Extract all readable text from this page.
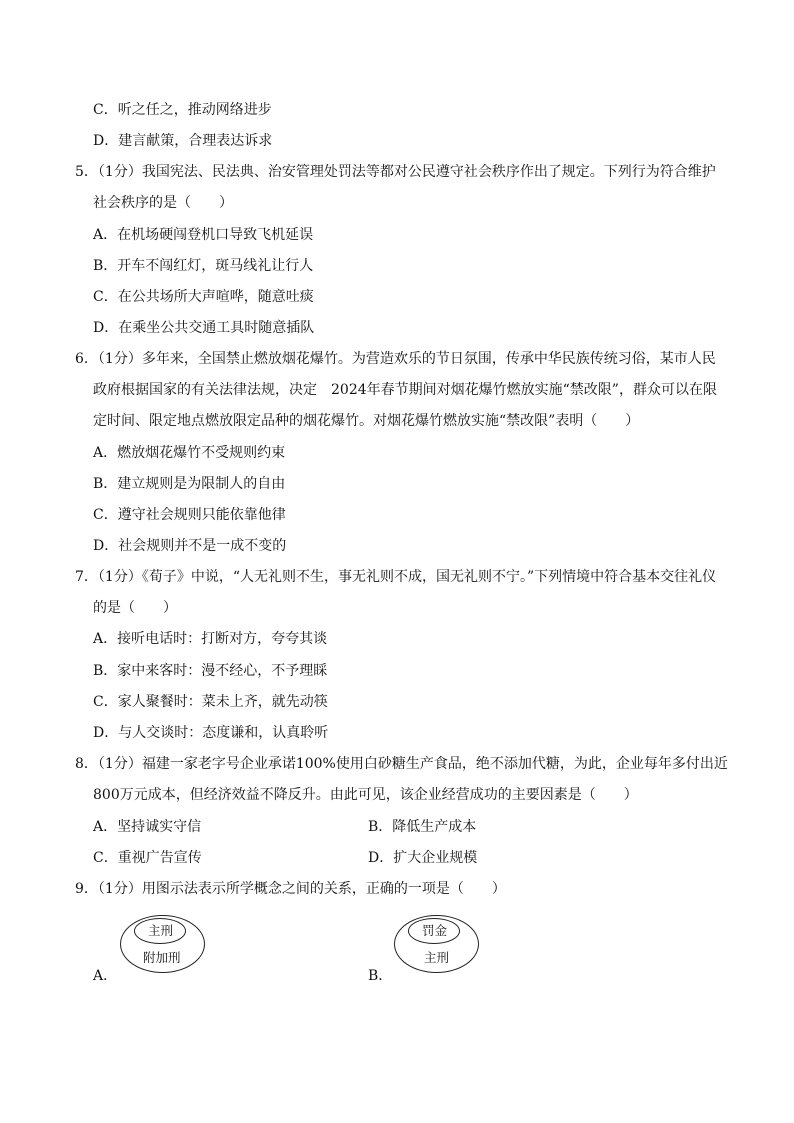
C．听之任之，推动网络进步
D．建言献策，合理表达诉求
5．（1分）我国宪法、民法典、治安管理处罚法等都对公民遵守社会秩序作出了规定。下列行为符合维护
社会秩序的是（　　）
A．在机场硬闯登机口导致飞机延误
B．开车不闯红灯，斑马线礼让行人
C．在公共场所大声喧哗，随意吐痰
D．在乘坐公共交通工具时随意插队
6．（1分）多年来，全国禁止燃放烟花爆竹。为营造欢乐的节日氛围，传承中华民族传统习俗，某市人民
政府根据国家的有关法律法规，决定　2024年春节期间对烟花爆竹燃放实施“禁改限”，群众可以在限
定时间、限定地点燃放限定品种的烟花爆竹。对烟花爆竹燃放实施“禁改限”表明（　　）
A．燃放烟花爆竹不受规则约束
B．建立规则是为限制人的自由
C．遵守社会规则只能依靠他律
D．社会规则并不是一成不变的
7．（1分）《荀子》中说，“人无礼则不生，事无礼则不成，国无礼则不宁。”下列情境中符合基本交往礼仪
的是（　　）
A．接听电话时：打断对方，夸夸其谈
B．家中来客时：漫不经心，不予理睬
C．家人聚餐时：菜未上齐，就先动筷
D．与人交谈时：态度谦和，认真聆听
8．（1分）福建一家老字号企业承诺100%使用白砂糖生产食品，绝不添加代糖，为此，企业每年多付出近
800万元成本，但经济效益不降反升。由此可见，该企业经营成功的主要因素是（　　）
A．坚持诚实守信	B．降低生产成本
C．重视广告宣传	D．扩大企业规模
9．（1分）用图示法表示所学概念之间的关系，正确的一项是（　　）
A．
主刑
附加刑
B．
罚金
主刑
